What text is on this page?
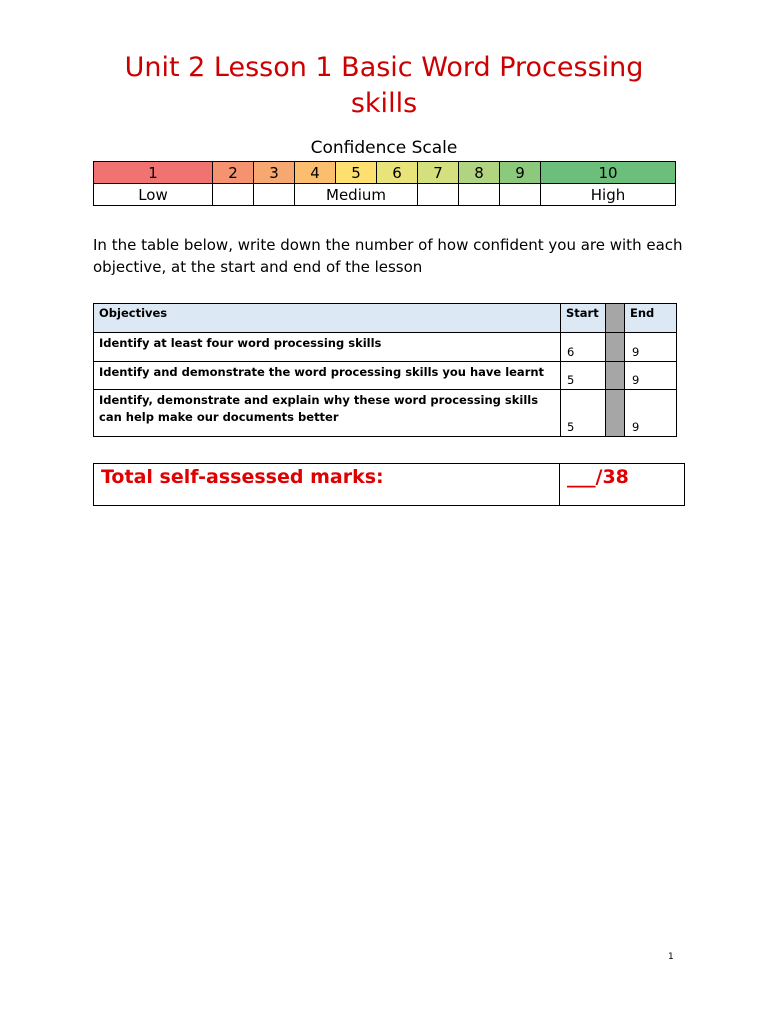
Unit 2 Lesson 1 Basic Word Processing skills
Confidence Scale
1	2	3	4	5	6	7	8	9	10
Low			Medium						High
In the table below, write down the number of how confident you are with each objective, at the start and end of the lesson
Objectives	Start		End
Identify at least four word processing skills	6		9
Identify and demonstrate the word processing skills you have learnt	5		9
Identify, demonstrate and explain why these word processing skills can help make our documents better	5		9
Total self-assessed marks:	___/38
1
